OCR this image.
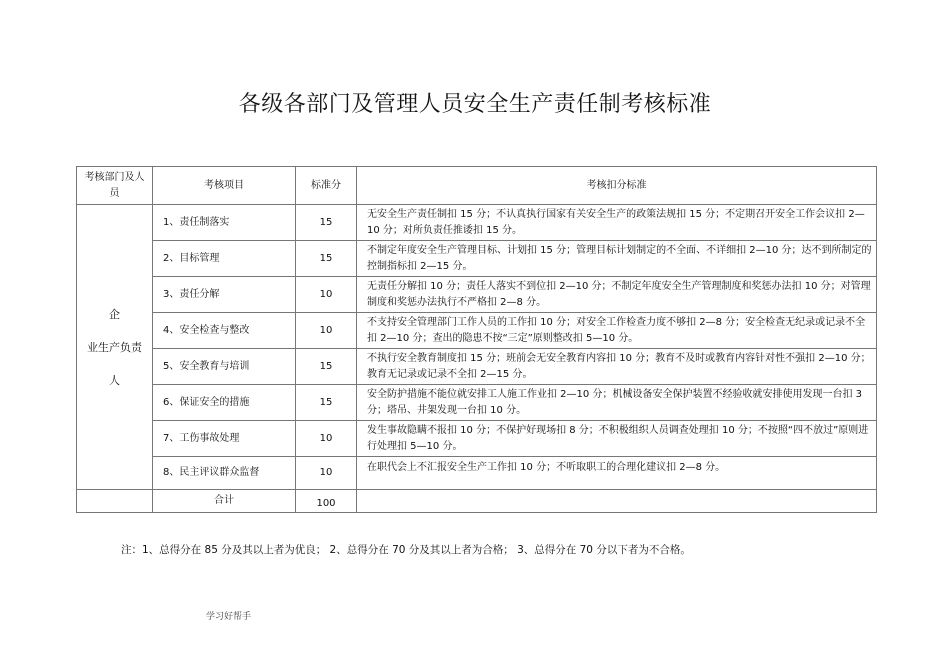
各级各部门及管理人员安全生产责任制考核标准
考核部门及人员	考核项目	标准分	考核扣分标准

企
业生产负责
人	1、责任制落实	15	无安全生产责任制扣 15 分；不认真执行国家有关安全生产的政策法规扣 15 分；不定期召开安全工作会议扣 2—10 分；对所负责任推诿扣 15 分。
	2、目标管理	15	不制定年度安全生产管理目标、计划扣 15 分；管理目标计划制定的不全面、不详细扣 2—10 分；达不到所制定的控制指标扣 2—15 分。
	3、责任分解	10	无责任分解扣 10 分；责任人落实不到位扣 2—10 分；不制定年度安全生产管理制度和奖惩办法扣 10 分；对管理制度和奖惩办法执行不严格扣 2—8 分。
	4、安全检查与整改	10	不支持安全管理部门工作人员的工作扣 10 分；对安全工作检查力度不够扣 2—8 分；安全检查无纪录或记录不全扣 2—10 分；查出的隐患不按“三定”原则整改扣 5—10 分。
	5、安全教育与培训	15	不执行安全教育制度扣 15 分；班前会无安全教育内容扣 10 分；教育不及时或教育内容针对性不强扣 2—10 分；教育无记录或记录不全扣 2—15 分。
	6、保证安全的措施	15	安全防护措施不能位就安排工人施工作业扣 2—10 分；机械设备安全保护装置不经验收就安排使用发现一台扣 3 分；塔吊、井架发现一台扣 10 分。
	7、工伤事故处理	10	发生事故隐瞒不报扣 10 分；不保护好现场扣 8 分；不积极组织人员调查处理扣 10 分；不按照“四不放过”原则进行处理扣 5—10 分。
	8、民主评议群众监督	10	在职代会上不汇报安全生产工作扣 10 分；不听取职工的合理化建议扣 2—8 分。
	合计	100	
注：1、总得分在 85 分及其以上者为优良； 2、总得分在 70 分及其以上者为合格； 3、总得分在 70 分以下者为不合格。
学习好帮手
